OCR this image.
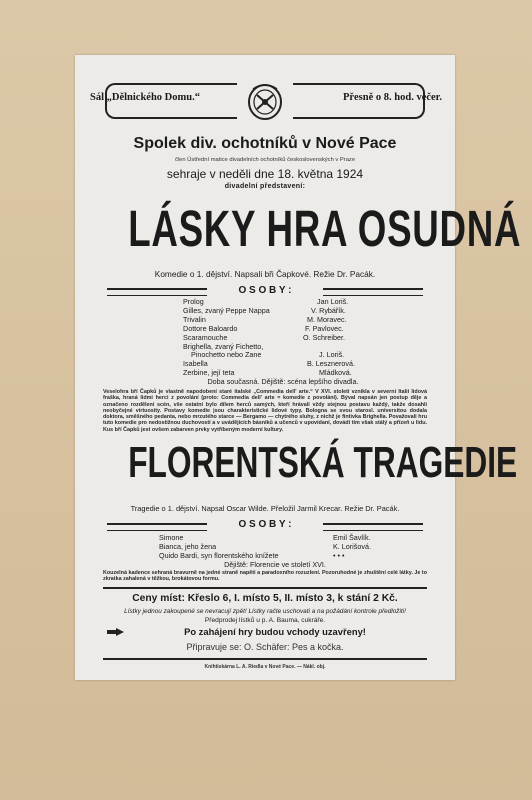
Sál „Dělnického Domu.“	Přesně o 8. hod. večer.
Spolek div. ochotníků v Nové Pace
člen Ústřední matice divadelních ochotníků československých v Praze
sehraje v neděli dne 18. května 1924
divadelní představení:
LÁSKY HRA OSUDNÁ
Komedie o 1. dějství. Napsali bři Čapkové. Režie Dr. Pacák.
O S O B Y :
Prolog	Jan Loriš.
Gilles, zvaný Peppe Nappa	V. Rybářík.
Trivalin	M. Moravec.
Dottore Baloardo	F. Pavlovec.
Scaramouche	O. Schreiber.
Brighella, zvaný Fichetto,
Pinochetto nebo Zane	J. Loriš.
Isabella	B. Lesznerová.
Zerbine, její teta	Mládková.
Doba současná. Dějiště: scéna lepšího divadla.
Veselohra bří Čapků je vlastně napodobení staré italské „Commedia dell' arte.“ V XVI. století vznikla v severní Italii lidová fraška, hraná lidmi herci z povolání (proto: Commedia dell' arte = komedie z povolání). Býval napsán jen postup děje a označeno rozdělení scén, vše ostatní bylo dílem herců samých, kteří hrávali vždy stejnou postavu každý, takže dosahli neobyčejné virtuosity. Postavy komedie jsou charakteristické lidové typy. Bologna se svou starosl. universitou dodala doktora, směšného pedanta, nebo mrzutého starce — Bergamo — chytrého sluhy, z nichž je fintivka Brighella. Považovali hru tuto komedie pro nedostižnou duchovostí a v uvádějících básníků a učenců v upovídaní, dovádí tím však stálý a přízeň u lidu. Kus bří Čapků jest ovšem zabarven prvky vytříbeným moderní kultury.
FLORENTSKÁ TRAGEDIE
Tragedie o 1. dějství. Napsal Oscar Wilde. Přeložil Jarmil Krecar. Režie Dr. Pacák.
O S O B Y :
Simone	Emil Šavlík.
Bianca, jeho žena	K. Lorišová.
Quido Bardi, syn florentského knížete	• • •
Dějiště: Florencie ve století XVI.
Kouzelná kadence sehraná bravurně na jedné straně napětí a paradoxního rozuzlení. Pozoruhodné je zhuštění celé látky. Je to zkratka zahalená v těžkou, brokátovou formu.
Ceny míst: Křeslo 6, I. místo 5, II. místo 3, k stání 2 Kč.
Lístky jednou zakoupené se nevracují zpět! Lístky račte uschovati a na požádání kontrole předložiti!
Předprodej lístků u p. A. Bauma, cukráře.
Po zahájení hry budou vchody uzavřeny!
Připravuje se: O. Schäfer: Pes a kočka.
Knihtiskárna L. A. Riedla v Nové Pace. — Nákl. obj.
